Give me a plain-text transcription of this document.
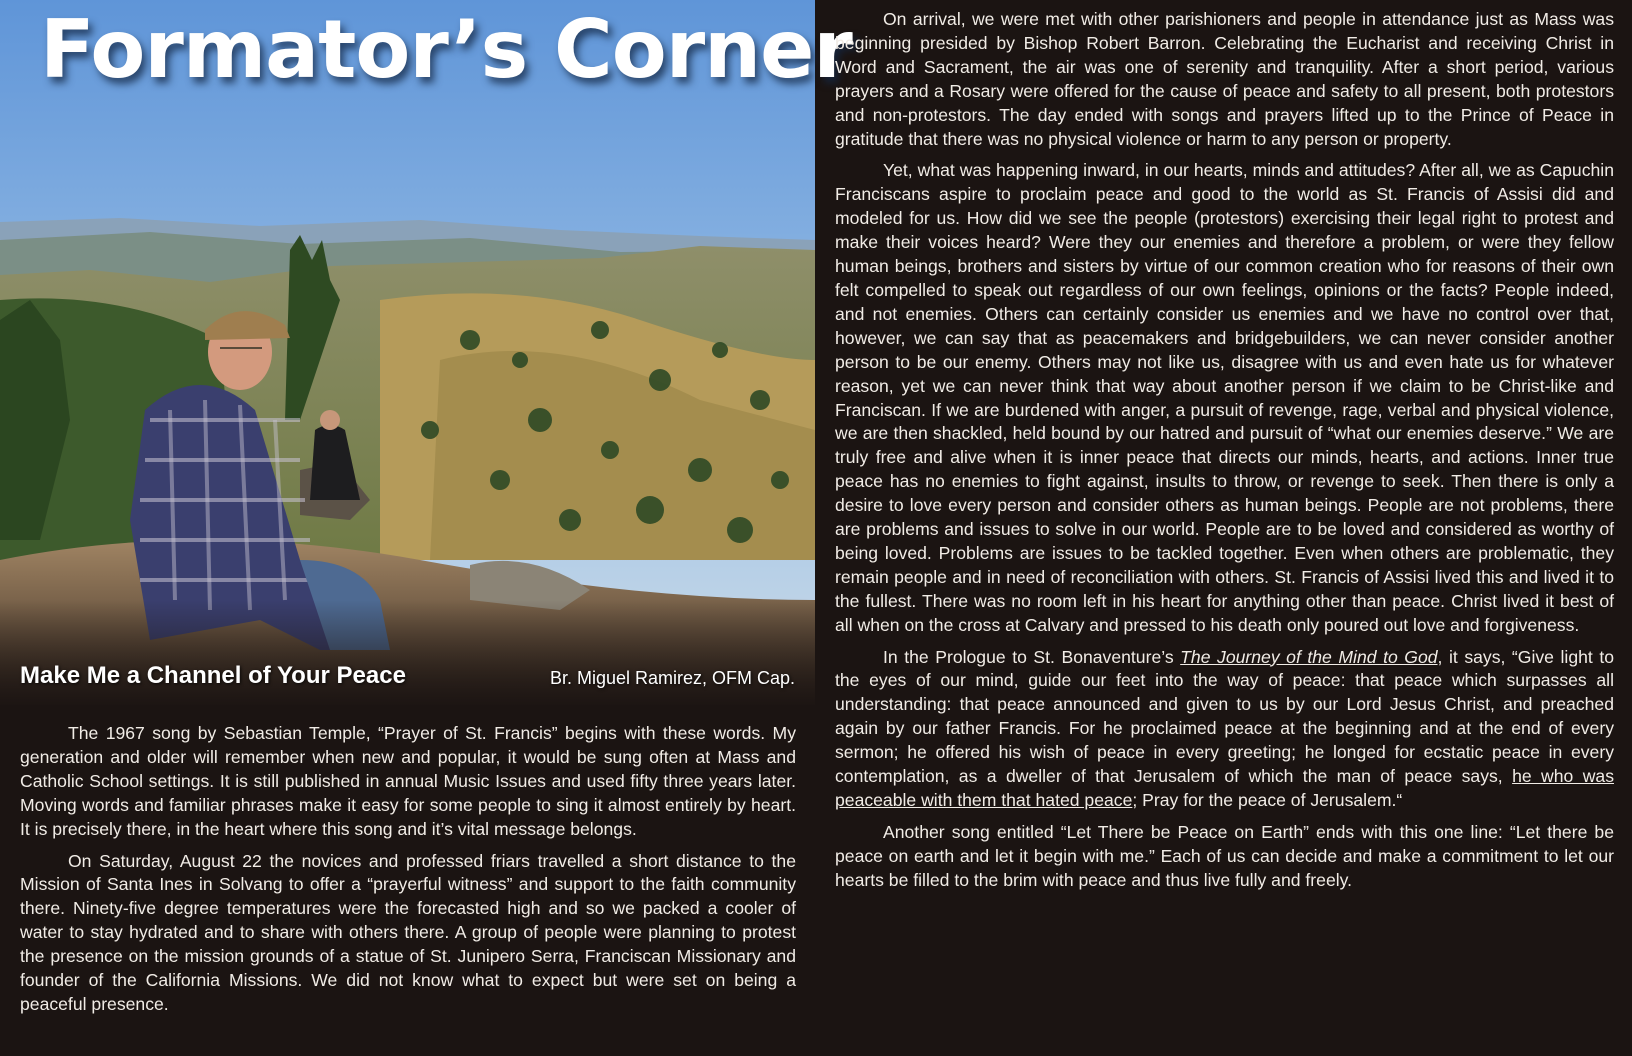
Formator’s Corner
Make Me a Channel of Your Peace	Br. Miguel Ramirez, OFM Cap.

The 1967 song by Sebastian Temple, “Prayer of St. Francis” begins with these words. My generation and older will remember when new and popular, it would be sung often at Mass and Catholic School settings. It is still published in annual Music Issues and used fifty three years later. Moving words and familiar phrases make it easy for some people to sing it almost entirely by heart. It is precisely there, in the heart where this song and it’s vital message belongs.

On Saturday, August 22 the novices and professed friars travelled a short distance to the Mission of Santa Ines in Solvang to offer a “prayerful witness” and support to the faith community there. Ninety-five degree temperatures were the forecasted high and so we packed a cooler of water to stay hydrated and to share with others there. A group of people were planning to protest the presence on the mission grounds of a statue of St. Junipero Serra, Franciscan Missionary and founder of the California Missions. We did not know what to expect but were set on being a peaceful presence.

On arrival, we were met with other parishioners and people in attendance just as Mass was beginning presided by Bishop Robert Barron. Celebrating the Eucharist and receiving Christ in Word and Sacrament, the air was one of serenity and tranquility. After a short period, various prayers and a Rosary were offered for the cause of peace and safety to all present, both protestors and non-protestors. The day ended with songs and prayers lifted up to the Prince of Peace in gratitude that there was no physical violence or harm to any person or property.

Yet, what was happening inward, in our hearts, minds and attitudes? After all, we as Capuchin Franciscans aspire to proclaim peace and good to the world as St. Francis of Assisi did and modeled for us. How did we see the people (protestors) exercising their legal right to protest and make their voices heard? Were they our enemies and therefore a problem, or were they fellow human beings, brothers and sisters by virtue of our common creation who for reasons of their own felt compelled to speak out regardless of our own feelings, opinions or the facts? People indeed, and not enemies. Others can certainly consider us enemies and we have no control over that, however, we can say that as peacemakers and bridgebuilders, we can never consider another person to be our enemy. Others may not like us, disagree with us and even hate us for whatever reason, yet we can never think that way about another person if we claim to be Christ-like and Franciscan. If we are burdened with anger, a pursuit of revenge, rage, verbal and physical violence, we are then shackled, held bound by our hatred and pursuit of “what our enemies deserve.” We are truly free and alive when it is inner peace that directs our minds, hearts, and actions. Inner true peace has no enemies to fight against, insults to throw, or revenge to seek. Then there is only a desire to love every person and consider others as human beings. People are not problems, there are problems and issues to solve in our world. People are to be loved and considered as worthy of being loved. Problems are issues to be tackled together. Even when others are problematic, they remain people and in need of reconciliation with others. St. Francis of Assisi lived this and lived it to the fullest. There was no room left in his heart for anything other than peace. Christ lived it best of all when on the cross at Calvary and pressed to his death only poured out love and forgiveness.

In the Prologue to St. Bonaventure’s The Journey of the Mind to God, it says, “Give light to the eyes of our mind, guide our feet into the way of peace: that peace which surpasses all understanding: that peace announced and given to us by our Lord Jesus Christ, and preached again by our father Francis. For he proclaimed peace at the beginning and at the end of every sermon; he offered his wish of peace in every greeting; he longed for ecstatic peace in every contemplation, as a dweller of that Jerusalem of which the man of peace says, he who was peaceable with them that hated peace; Pray for the peace of Jerusalem.“

Another song entitled “Let There be Peace on Earth” ends with this one line: “Let there be peace on earth and let it begin with me.” Each of us can decide and make a commitment to let our hearts be filled to the brim with peace and thus live fully and freely.
